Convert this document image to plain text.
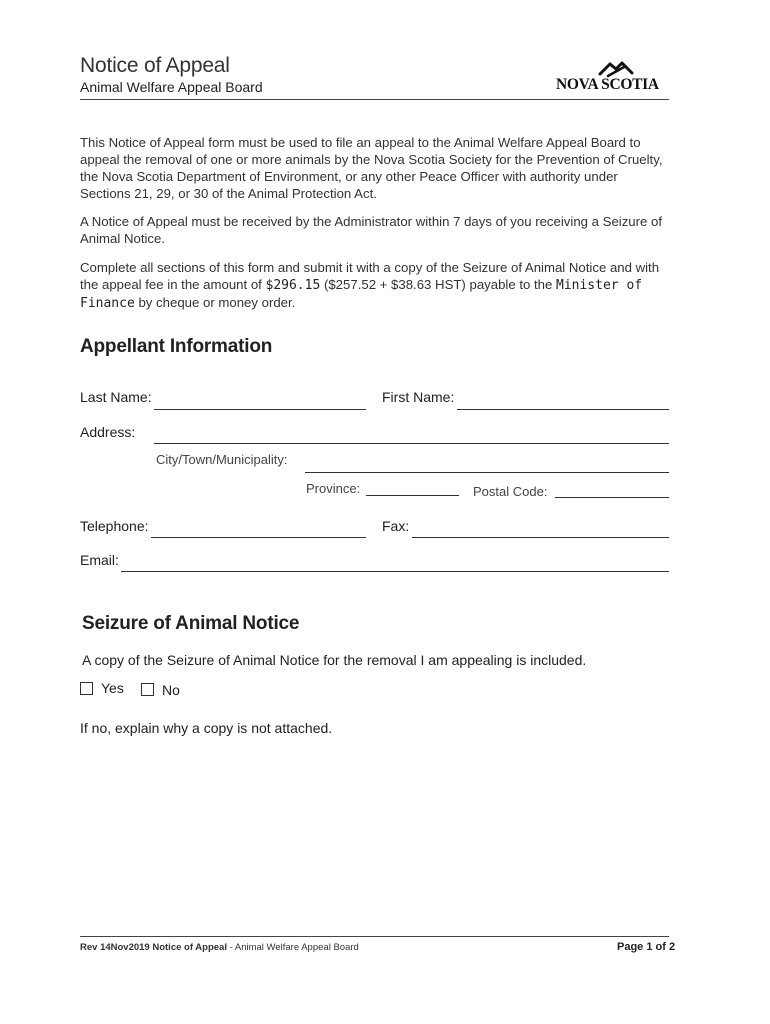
Notice of Appeal
Animal Welfare Appeal Board	NOVA SCOTIA
This Notice of Appeal form must be used to file an appeal to the Animal Welfare Appeal Board to appeal the removal of one or more animals by the Nova Scotia Society for the Prevention of Cruelty, the Nova Scotia Department of Environment, or any other Peace Officer with authority under Sections 21, 29, or 30 of the Animal Protection Act.
A Notice of Appeal must be received by the Administrator within 7 days of you receiving a Seizure of Animal Notice.
Complete all sections of this form and submit it with a copy of the Seizure of Animal Notice and with the appeal fee in the amount of $296.15 ($257.52 + $38.63 HST) payable to the Minister of Finance by cheque or money order.
Appellant Information
Last Name:	First Name:
Address:
City/Town/Municipality:
Province:	Postal Code:
Telephone:	Fax:
Email:
Seizure of Animal Notice
A copy of the Seizure of Animal Notice for the removal I am appealing is included.
Yes	No
If no, explain why a copy is not attached.
Rev 14Nov2019 Notice of Appeal - Animal Welfare Appeal Board	Page 1 of 2
